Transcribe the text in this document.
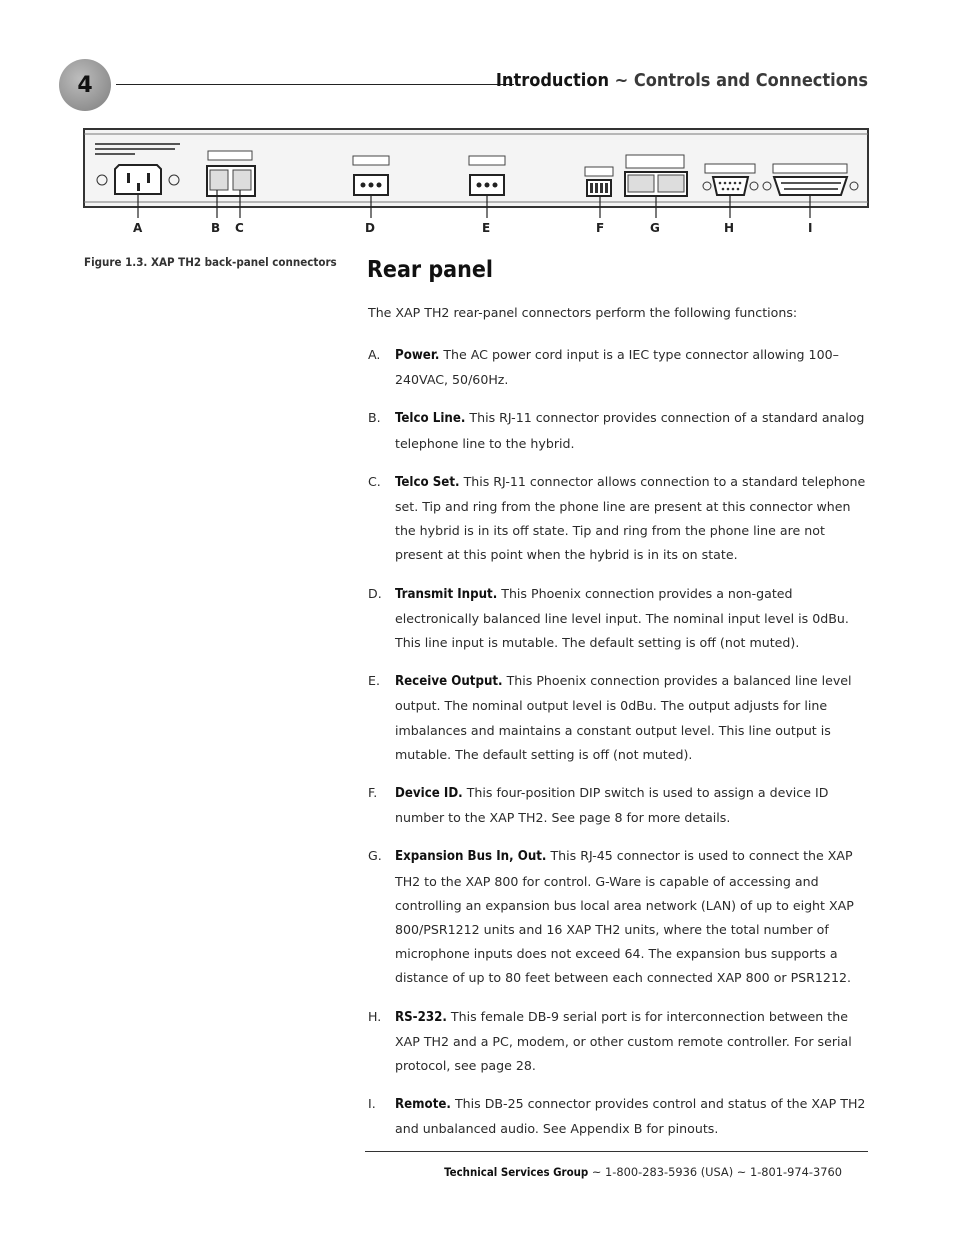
4	Introduction ~ Controls and Connections
A	B C	D	E	F	G	H	I
Figure 1.3. XAP TH2 back-panel connectors Rear panel

The XAP TH2 rear-panel connectors perform the following functions:

A. Power. The AC power cord input is a IEC type connector allowing 100–240VAC, 50/60Hz.
B. Telco Line. This RJ-11 connector provides connection of a standard analog telephone line to the hybrid.
C. Telco Set. This RJ-11 connector allows connection to a standard telephone set. Tip and ring from the phone line are present at this connector when the hybrid is in its off state. Tip and ring from the phone line are not present at this point when the hybrid is in its on state.
D. Transmit Input. This Phoenix connection provides a non-gated electronically balanced line level input. The nominal input level is 0dBu. This line input is mutable. The default setting is off (not muted).
E. Receive Output. This Phoenix connection provides a balanced line level output. The nominal output level is 0dBu. The output adjusts for line imbalances and maintains a constant output level. This line output is mutable. The default setting is off (not muted).
F. Device ID. This four-position DIP switch is used to assign a device ID number to the XAP TH2. See page 8 for more details.
G. Expansion Bus In, Out. This RJ-45 connector is used to connect the XAP TH2 to the XAP 800 for control. G-Ware is capable of accessing and controlling an expansion bus local area network (LAN) of up to eight XAP 800/PSR1212 units and 16 XAP TH2 units, where the total number of microphone inputs does not exceed 64. The expansion bus supports a distance of up to 80 feet between each connected XAP 800 or PSR1212.
H. RS-232. This female DB-9 serial port is for interconnection between the XAP TH2 and a PC, modem, or other custom remote controller. For serial protocol, see page 28.
I. Remote. This DB-25 connector provides control and status of the XAP TH2 and unbalanced audio. See Appendix B for pinouts.
Technical Services Group ~ 1-800-283-5936 (USA) ~ 1-801-974-3760
